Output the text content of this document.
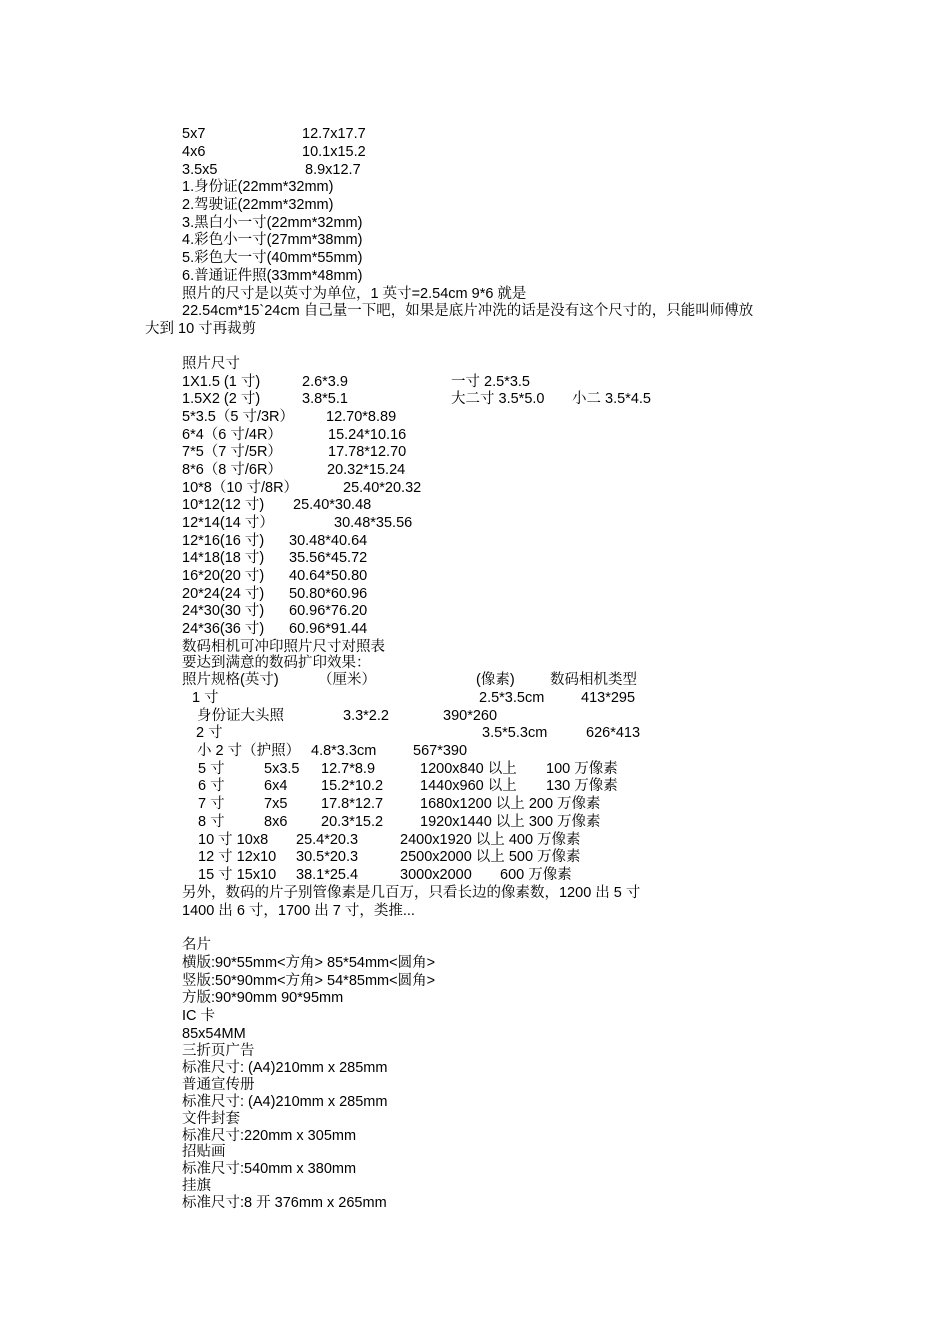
5x7	12.7x17.7
4x6	10.1x15.2
3.5x5	8.9x12.7
1.身份证(22mm*32mm)
2.驾驶证(22mm*32mm)
3.黑白小一寸(22mm*32mm)
4.彩色小一寸(27mm*38mm)
5.彩色大一寸(40mm*55mm)
6.普通证件照(33mm*48mm)
照片的尺寸是以英寸为单位，1 英寸=2.54cm 9*6 就是
22.54cm*15`24cm 自己量一下吧，如果是底片冲洗的话是没有这个尺寸的，只能叫师傅放
大到 10 寸再裁剪
照片尺寸
1X1.5 (1 寸)	2.6*3.9	一寸 2.5*3.5
1.5X2 (2 寸)	3.8*5.1	大二寸 3.5*5.0 小二 3.5*4.5
5*3.5（5 寸/3R） 12.70*8.89
6*4（6 寸/4R）	15.24*10.16
7*5（7 寸/5R）	17.78*12.70
8*6（8 寸/6R）	20.32*15.24
10*8（10 寸/8R）	25.40*20.32
10*12(12 寸) 25.40*30.48
12*14(14 寸）	30.48*35.56
12*16(16 寸) 30.48*40.64
14*18(18 寸) 35.56*45.72
16*20(20 寸) 40.64*50.80
20*24(24 寸) 50.80*60.96
24*30(30 寸) 60.96*76.20
24*36(36 寸) 60.96*91.44
数码相机可冲印照片尺寸对照表
要达到满意的数码扩印效果：
照片规格(英寸)	（厘米）	(像素) 数码相机类型
1 寸	2.5*3.5cm	413*295
身份证大头照	3.3*2.2	390*260
2 寸	3.5*5.3cm	626*413
小 2 寸（护照） 4.8*3.3cm	567*390
5 寸	5x3.5 12.7*8.9	1200x840 以上 100 万像素
6 寸	6x4 15.2*10.2	1440x960 以上 130 万像素
7 寸	7x5 17.8*12.7	1680x1200 以上 200 万像素
8 寸	8x6 20.3*15.2	1920x1440 以上 300 万像素
10 寸 10x8 25.4*20.3	2400x1920 以上 400 万像素
12 寸 12x10 30.5*20.3	2500x2000 以上 500 万像素
15 寸 15x10 38.1*25.4	3000x2000 600 万像素
另外，数码的片子别管像素是几百万，只看长边的像素数，1200 出 5 寸
1400 出 6 寸，1700 出 7 寸，类推...
名片
横版:90*55mm<方角> 85*54mm<圆角>
竖版:50*90mm<方角> 54*85mm<圆角>
方版:90*90mm 90*95mm
IC 卡
85x54MM
三折页广告
标准尺寸: (A4)210mm x 285mm
普通宣传册
标准尺寸: (A4)210mm x 285mm
文件封套
标准尺寸:220mm x 305mm
招贴画
标准尺寸:540mm x 380mm
挂旗
标准尺寸:8 开 376mm x 265mm
